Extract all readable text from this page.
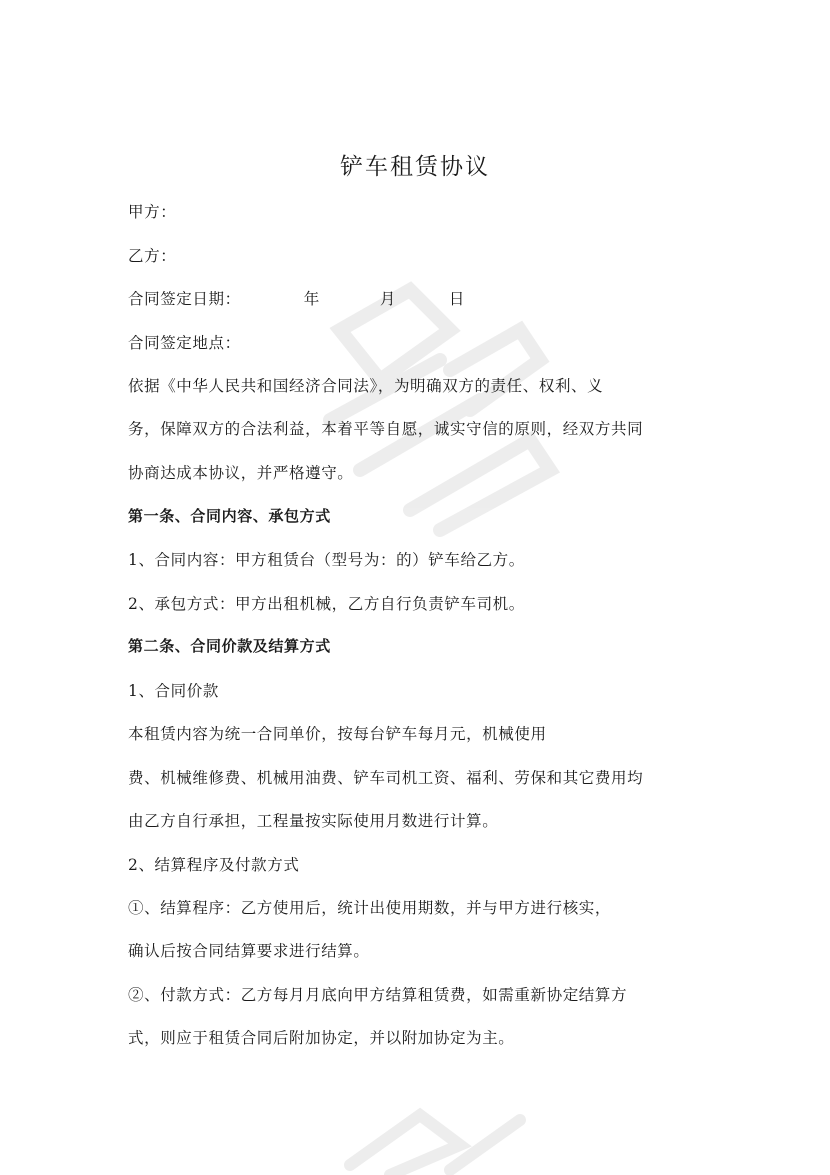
铲车租赁协议
甲方：
乙方：
合同签定日期：	年	月	日
合同签定地点：
依据《中华人民共和国经济合同法》，为明确双方的责任、权利、义
务，保障双方的合法利益，本着平等自愿，诚实守信的原则，经双方共同
协商达成本协议，并严格遵守。
第一条、合同内容、承包方式
1、合同内容：甲方租赁台（型号为：的）铲车给乙方。
2、承包方式：甲方出租机械，乙方自行负责铲车司机。
第二条、合同价款及结算方式
1、合同价款
本租赁内容为统一合同单价，按每台铲车每月元，机械使用
费、机械维修费、机械用油费、铲车司机工资、福利、劳保和其它费用均
由乙方自行承担，工程量按实际使用月数进行计算。
2、结算程序及付款方式
①、结算程序：乙方使用后，统计出使用期数，并与甲方进行核实，
确认后按合同结算要求进行结算。
②、付款方式：乙方每月月底向甲方结算租赁费，如需重新协定结算方
式，则应于租赁合同后附加协定，并以附加协定为主。
